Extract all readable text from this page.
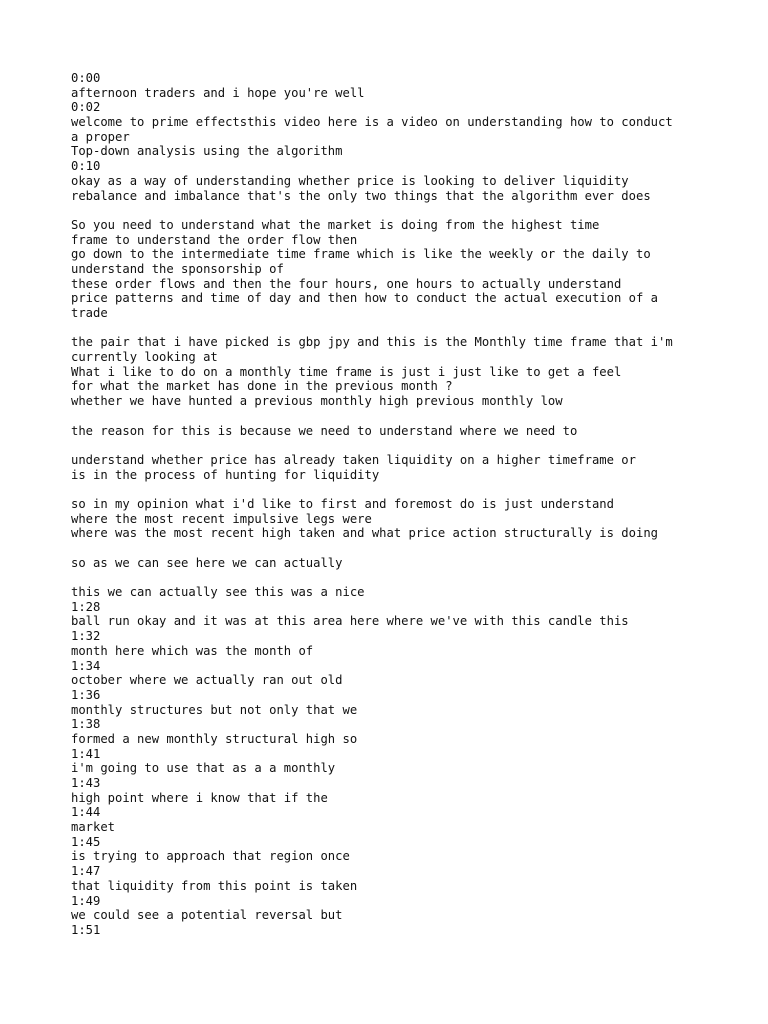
0:00
afternoon traders and i hope you're well
0:02
welcome to prime effectsthis video here is a video on understanding how to conduct
a proper
Top-down analysis using the algorithm
0:10
okay as a way of understanding whether price is looking to deliver liquidity
rebalance and imbalance that's the only two things that the algorithm ever does
So you need to understand what the market is doing from the highest time
frame to understand the order flow then
go down to the intermediate time frame which is like the weekly or the daily to
understand the sponsorship of
these order flows and then the four hours, one hours to actually understand
price patterns and time of day and then how to conduct the actual execution of a
trade
the pair that i have picked is gbp jpy and this is the Monthly time frame that i'm
currently looking at
What i like to do on a monthly time frame is just i just like to get a feel
for what the market has done in the previous month ?
whether we have hunted a previous monthly high previous monthly low
the reason for this is because we need to understand where we need to
understand whether price has already taken liquidity on a higher timeframe or
is in the process of hunting for liquidity
so in my opinion what i'd like to first and foremost do is just understand
where the most recent impulsive legs were
where was the most recent high taken and what price action structurally is doing
so as we can see here we can actually
this we can actually see this was a nice
1:28
ball run okay and it was at this area here where we've with this candle this
1:32
month here which was the month of
1:34
october where we actually ran out old
1:36
monthly structures but not only that we
1:38
formed a new monthly structural high so
1:41
i'm going to use that as a a monthly
1:43
high point where i know that if the
1:44
market
1:45
is trying to approach that region once
1:47
that liquidity from this point is taken
1:49
we could see a potential reversal but
1:51
